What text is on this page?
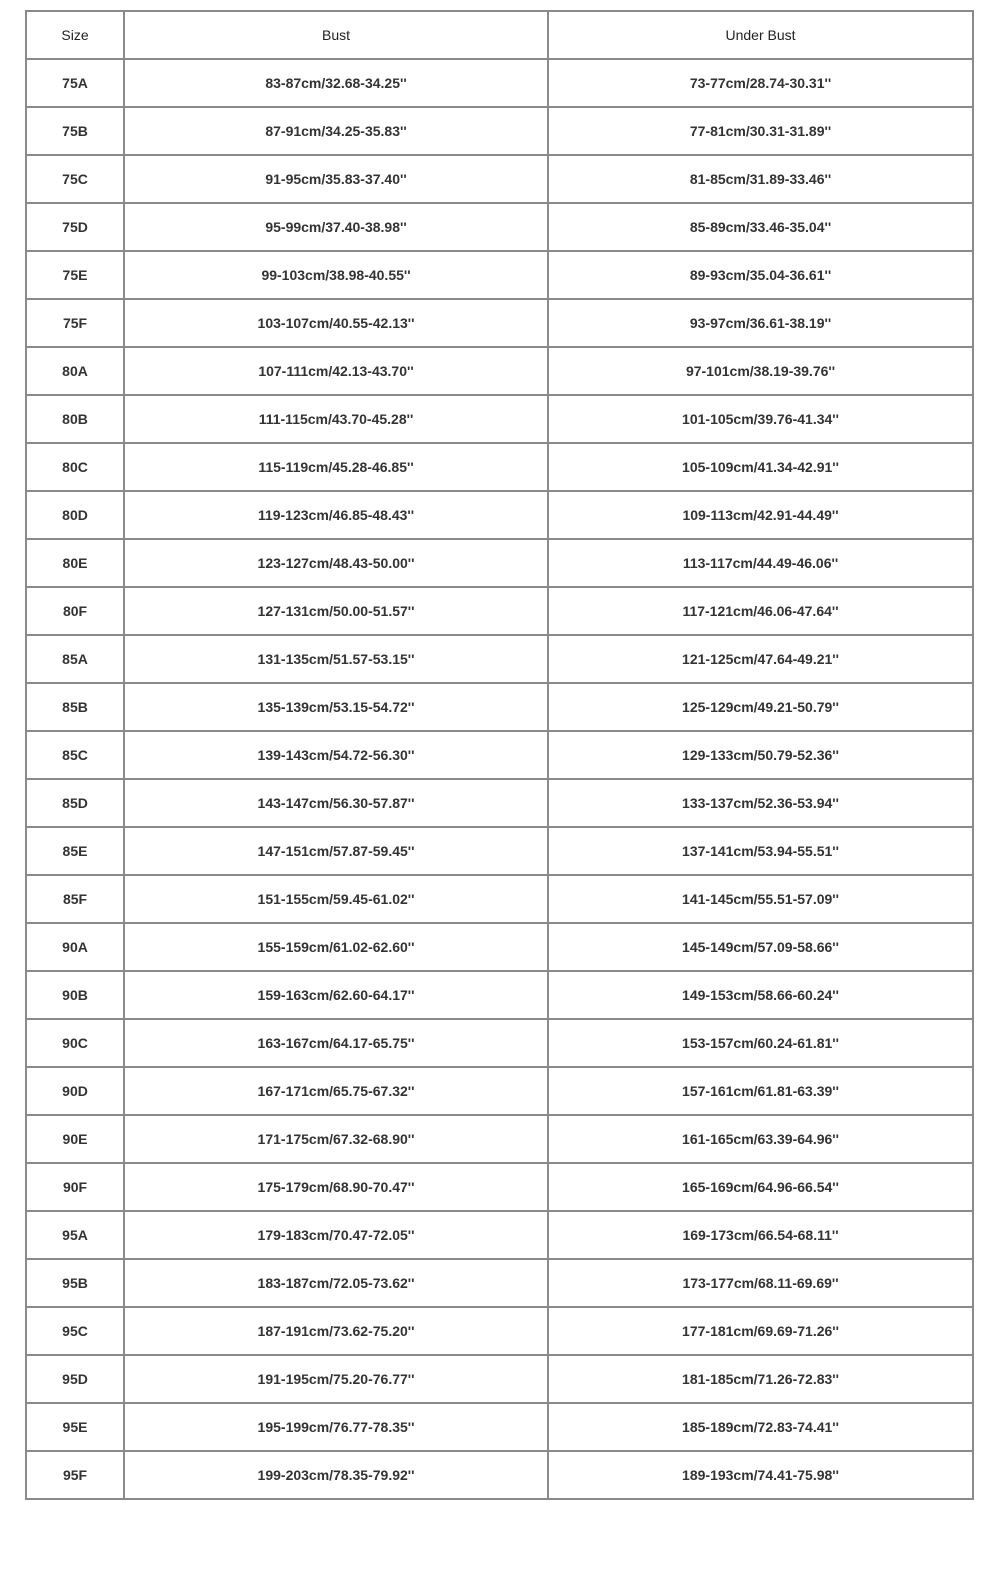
Size	Bust	Under Bust
75A	83-87cm/32.68-34.25''	73-77cm/28.74-30.31''
75B	87-91cm/34.25-35.83''	77-81cm/30.31-31.89''
75C	91-95cm/35.83-37.40''	81-85cm/31.89-33.46''
75D	95-99cm/37.40-38.98''	85-89cm/33.46-35.04''
75E	99-103cm/38.98-40.55''	89-93cm/35.04-36.61''
75F	103-107cm/40.55-42.13''	93-97cm/36.61-38.19''
80A	107-111cm/42.13-43.70''	97-101cm/38.19-39.76''
80B	111-115cm/43.70-45.28''	101-105cm/39.76-41.34''
80C	115-119cm/45.28-46.85''	105-109cm/41.34-42.91''
80D	119-123cm/46.85-48.43''	109-113cm/42.91-44.49''
80E	123-127cm/48.43-50.00''	113-117cm/44.49-46.06''
80F	127-131cm/50.00-51.57''	117-121cm/46.06-47.64''
85A	131-135cm/51.57-53.15''	121-125cm/47.64-49.21''
85B	135-139cm/53.15-54.72''	125-129cm/49.21-50.79''
85C	139-143cm/54.72-56.30''	129-133cm/50.79-52.36''
85D	143-147cm/56.30-57.87''	133-137cm/52.36-53.94''
85E	147-151cm/57.87-59.45''	137-141cm/53.94-55.51''
85F	151-155cm/59.45-61.02''	141-145cm/55.51-57.09''
90A	155-159cm/61.02-62.60''	145-149cm/57.09-58.66''
90B	159-163cm/62.60-64.17''	149-153cm/58.66-60.24''
90C	163-167cm/64.17-65.75''	153-157cm/60.24-61.81''
90D	167-171cm/65.75-67.32''	157-161cm/61.81-63.39''
90E	171-175cm/67.32-68.90''	161-165cm/63.39-64.96''
90F	175-179cm/68.90-70.47''	165-169cm/64.96-66.54''
95A	179-183cm/70.47-72.05''	169-173cm/66.54-68.11''
95B	183-187cm/72.05-73.62''	173-177cm/68.11-69.69''
95C	187-191cm/73.62-75.20''	177-181cm/69.69-71.26''
95D	191-195cm/75.20-76.77''	181-185cm/71.26-72.83''
95E	195-199cm/76.77-78.35''	185-189cm/72.83-74.41''
95F	199-203cm/78.35-79.92''	189-193cm/74.41-75.98''
